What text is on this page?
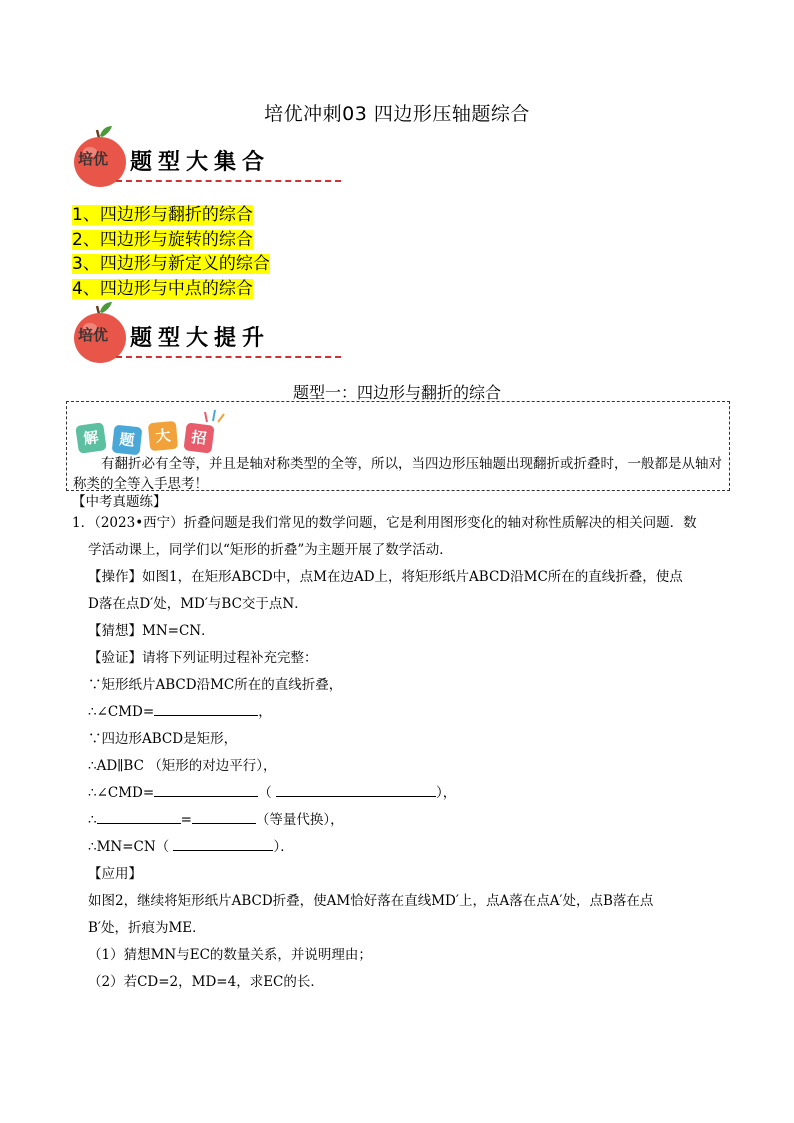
培优冲刺03 四边形压轴题综合
培优 题型大集合
1、四边形与翻折的综合
2、四边形与旋转的综合
3、四边形与新定义的综合
4、四边形与中点的综合
培优 题型大提升
题型一：四边形与翻折的综合
解	题	大	招
有翻折必有全等，并且是轴对称类型的全等，所以，当四边形压轴题出现翻折或折叠时，一般都是从轴对称类的全等入手思考！
【中考真题练】

1．（2023•西宁）折叠问题是我们常见的数学问题，它是利用图形变化的轴对称性质解决的相关问题．数

学活动课上，同学们以“矩形的折叠”为主题开展了数学活动．

【操作】如图1，在矩形ABCD中，点M在边AD上，将矩形纸片ABCD沿MC所在的直线折叠，使点

D落在点D′处，MD′与BC交于点N．

【猜想】MN=CN．

【验证】请将下列证明过程补充完整：

∵矩形纸片ABCD沿MC所在的直线折叠，

∴∠CMD=	，

∵四边形ABCD是矩形，

∴AD∥BC （矩形的对边平行），

∴∠CMD=	（	），

∴	=	（等量代换），

∴MN=CN（	）．

【应用】

如图2，继续将矩形纸片ABCD折叠，使AM恰好落在直线MD′上，点A落在点A′处，点B落在点

B′处，折痕为ME．

（1）猜想MN与EC的数量关系，并说明理由；

（2）若CD=2，MD=4，求EC的长．
